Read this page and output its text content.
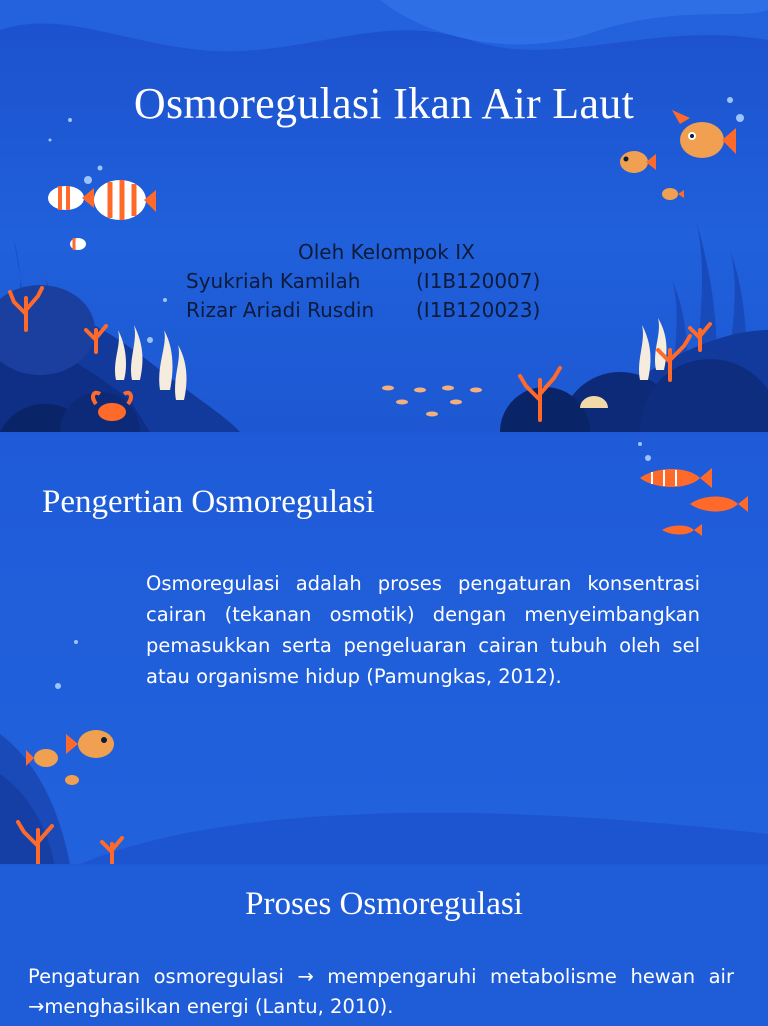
Osmoregulasi Ikan Air Laut
Oleh Kelompok IX
Syukriah Kamilah	(I1B120007)
Rizar Ariadi Rusdin	(I1B120023)
Pengertian Osmoregulasi

Osmoregulasi adalah proses pengaturan konsentrasi cairan (tekanan osmotik) dengan menyeimbangkan pemasukkan serta pengeluaran cairan tubuh oleh sel atau organisme hidup (Pamungkas, 2012).

Proses Osmoregulasi

Pengaturan osmoregulasi → mempengaruhi metabolisme hewan air →menghasilkan energi (Lantu, 2010).
